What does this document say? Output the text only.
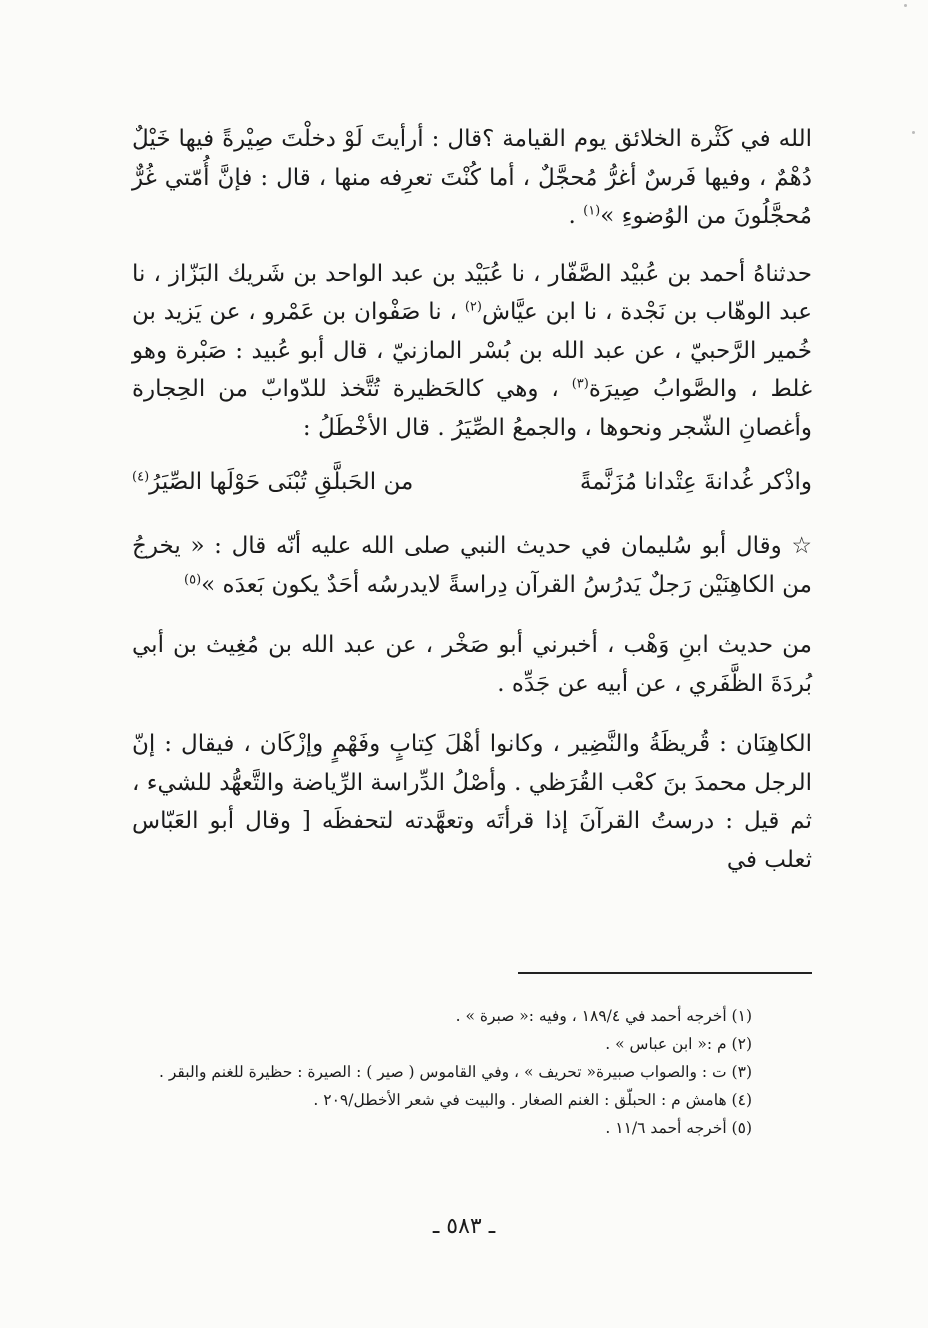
الله في كَثْرة الخلائق يوم القيامة ؟قال : أرأيتَ لَوْ دخلْتَ صِيْرةً فيها خَيْلٌ دُهْمٌ ، وفيها فَرسٌ أغرُّ مُحجَّلٌ ، أما كُنْتَ تعرِفه منها ، قال : فإنَّ أُمّتي غُرٌّ مُحجَّلُونَ من الوُضوءِ »$^{(١)}$ .

حدثناهُ أحمد بن عُبيْد الصَّفّار ، نا عُبَيْد بن عبد الواحد بن شَريك البَزّاز ، نا عبد الوهّاب بن نَجْدة ، نا ابن عيَّاش$^{(٢)}$ ، نا صَفْوان بن عَمْرو ، عن يَزيد بن خُمير الرَّحبيّ ، عن عبد الله بن بُسْر المازنيّ ، قال أبو عُبيد : صَبْرة وهو غلط ، والصَّوابُ صِيرَة$^{(٣)}$ ، وهي كالحَظيرة تُتَّخذ للدّوابّ من الحِجارة وأغصانِ الشّجر ونحوها ، والجمعُ الصِّيَرُ . قال الأخْطَلُ :

واذْكر غُدانةَ عِتْدانا مُزَنَّمةً
من الحَبلَّقِ تُبْنَى حَوْلَها الصِّيَرُ$^{(٤)}$

☆ وقال أبو سُليمان في حديث النبي صلى الله عليه أنّه قال : « يخرجُ من الكاهِنَيْن رَجلٌ يَدرُسُ القرآن دِراسةً لايدرسُه أحَدٌ يكون بَعدَه »$^{(٥)}$

من حديث ابنِ وَهْب ، أخبرني أبو صَخْر ، عن عبد الله بن مُغِيث بن أبي بُردَةَ الظَّفَري ، عن أبيه عن جَدِّه .

الكاهِنَان : قُريظَةُ والنَّضِير ، وكانوا أهْلَ كِتابٍ وفَهْمٍ وإزْكَان ، فيقال : إنّ الرجل محمدَ بنَ كعْب القُرَظي . وأصْلُ الدِّراسة الرِّياضة والتَّعهُّد للشيء ، ثم قيل : درستُ القرآنَ إذا قرأتَه وتعهَّدته لتحفظَه [ وقال أبو العَبّاس ثعلب في

(١) أخرجه أحمد في ١٨٩/٤ ، وفيه :« صبرة » .

(٢) م :« ابن عباس » .

(٣) ت : والصواب صبيرة« تحريف » ، وفي القاموس ( صير ) : الصيرة : حظيرة للغنم والبقر .

(٤) هامش م : الحبلّق : الغنم الصغار . والبيت في شعر الأخطل/٢٠٩ .

(٥) أخرجه أحمد ١١/٦ .

ـ ٥٨٣ ـ
